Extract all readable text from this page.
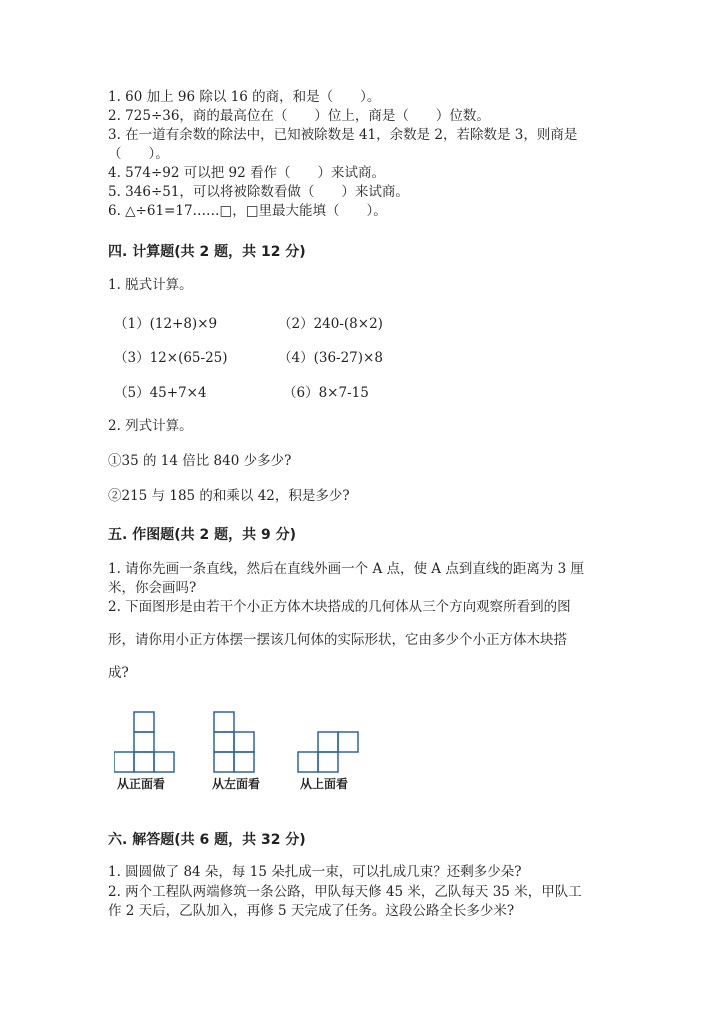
1. 60 加上 96 除以 16 的商，和是（　　）。
2. 725÷36，商的最高位在（　　）位上，商是（　　）位数。
3. 在一道有余数的除法中，已知被除数是 41，余数是 2，若除数是 3，则商是
（　　）。
4. 574÷92 可以把 92 看作（　　）来试商。
5. 346÷51，可以将被除数看做（　　）来试商。
6. △÷61=17……□，□里最大能填（　　）。
四. 计算题(共 2 题，共 12 分)
1. 脱式计算。
（1）(12+8)×9	（2）240-(8×2)
（3）12×(65-25)	（4）(36-27)×8
（5）45+7×4	（6）8×7-15
2. 列式计算。
①35 的 14 倍比 840 少多少?
②215 与 185 的和乘以 42，积是多少?
五. 作图题(共 2 题，共 9 分)
1. 请你先画一条直线，然后在直线外画一个 A 点，使 A 点到直线的距离为 3 厘
米，你会画吗?
2. 下面图形是由若干个小正方体木块搭成的几何体从三个方向观察所看到的图
形，请你用小正方体摆一摆该几何体的实际形状，它由多少个小正方体木块搭
成?
从正面看	从左面看	从上面看
六. 解答题(共 6 题，共 32 分)
1. 圆圆做了 84 朵，每 15 朵扎成一束，可以扎成几束？还剩多少朵?
2. 两个工程队两端修筑一条公路，甲队每天修 45 米，乙队每天 35 米，甲队工
作 2 天后，乙队加入，再修 5 天完成了任务。这段公路全长多少米?
